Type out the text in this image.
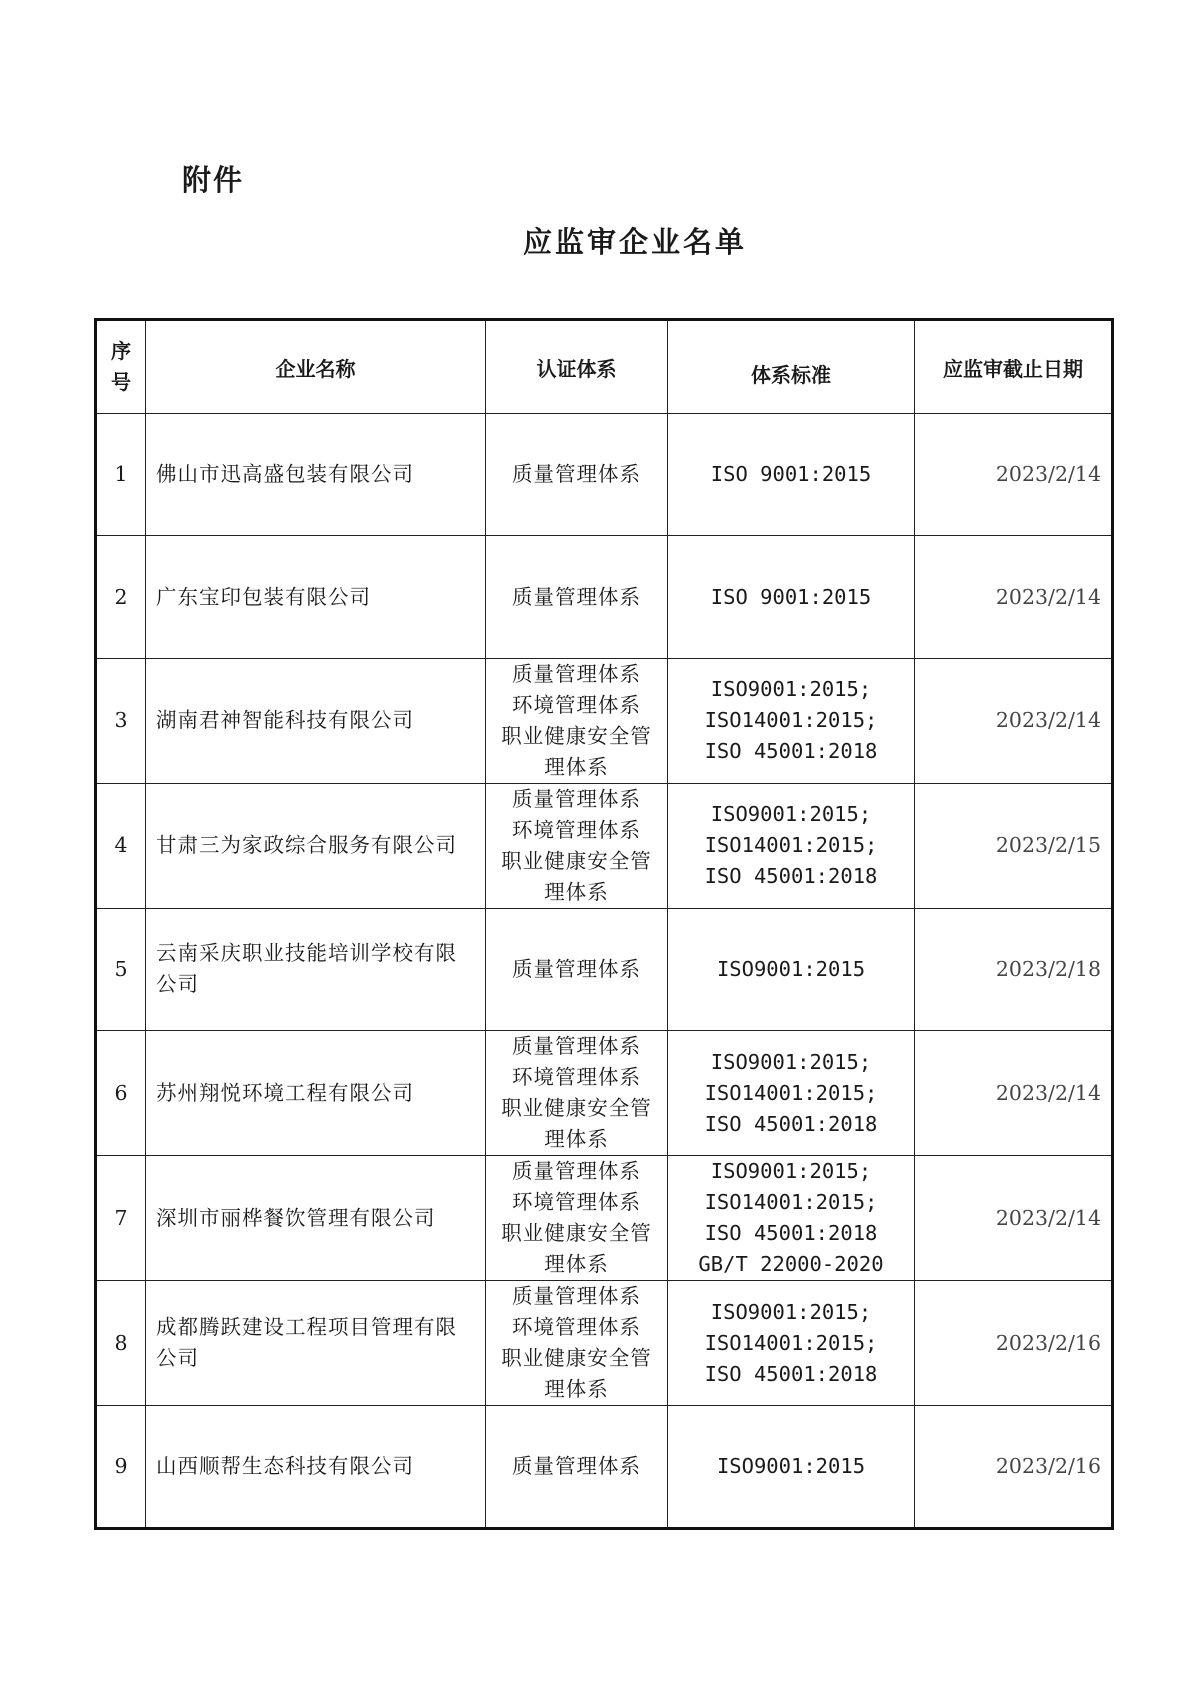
附件
应监审企业名单
序
号	企业名称	认证体系	体系标准	应监审截止日期
1	佛山市迅高盛包装有限公司	质量管理体系	ISO 9001:2015	2023/2/14
2	广东宝印包装有限公司	质量管理体系	ISO 9001:2015	2023/2/14
3	湖南君神智能科技有限公司	质量管理体系
环境管理体系
职业健康安全管
理体系	ISO9001:2015;
ISO14001:2015;
ISO 45001:2018	2023/2/14
4	甘肃三为家政综合服务有限公司	质量管理体系
环境管理体系
职业健康安全管
理体系	ISO9001:2015;
ISO14001:2015;
ISO 45001:2018	2023/2/15
5	云南采庆职业技能培训学校有限公司	质量管理体系	ISO9001:2015	2023/2/18
6	苏州翔悦环境工程有限公司	质量管理体系
环境管理体系
职业健康安全管
理体系	ISO9001:2015;
ISO14001:2015;
ISO 45001:2018	2023/2/14
7	深圳市丽桦餐饮管理有限公司	质量管理体系
环境管理体系
职业健康安全管
理体系	ISO9001:2015;
ISO14001:2015;
ISO 45001:2018
GB/T 22000-2020	2023/2/14
8	成都腾跃建设工程项目管理有限公司	质量管理体系
环境管理体系
职业健康安全管
理体系	ISO9001:2015;
ISO14001:2015;
ISO 45001:2018	2023/2/16
9	山西顺帮生态科技有限公司	质量管理体系	ISO9001:2015	2023/2/16
